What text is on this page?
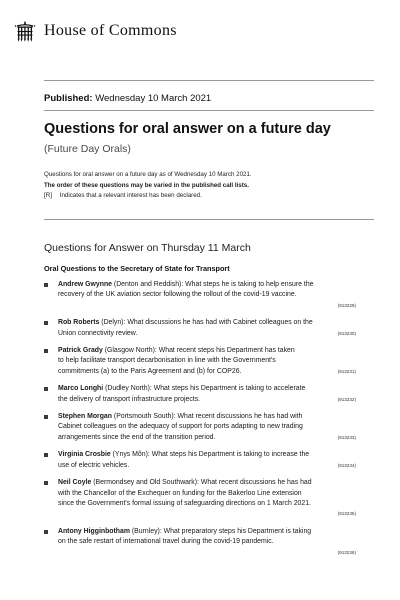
House of Commons
Published: Wednesday 10 March 2021
Questions for oral answer on a future day
(Future Day Orals)
Questions for oral answer on a future day as of Wednesday 10 March 2021.
The order of these questions may be varied in the published call lists.
[R] Indicates that a relevant interest has been declared.
Questions for Answer on Thursday 11 March
Oral Questions to the Secretary of State for Transport
Andrew Gwynne (Denton and Reddish): What steps he is taking to help ensure the
recovery of the UK aviation sector following the rollout of the covid-19 vaccine.
(913229)
Rob Roberts (Delyn): What discussions he has had with Cabinet colleagues on the
Union connectivity review.	(913230)
Patrick Grady (Glasgow North): What recent steps his Department has taken
to help facilitate transport decarbonisation in line with the Government's
commitments (a) to the Paris Agreement and (b) for COP26.	(913231)
Marco Longhi (Dudley North): What steps his Department is taking to accelerate
the delivery of transport infrastructure projects.	(913232)
Stephen Morgan (Portsmouth South): What recent discussions he has had with
Cabinet colleagues on the adequacy of support for ports adapting to new trading
arrangements since the end of the transition period.	(913233)
Virginia Crosbie (Ynys Môn): What steps his Department is taking to increase the
use of electric vehicles.	(913234)
Neil Coyle (Bermondsey and Old Southwark): What recent discussions he has had
with the Chancellor of the Exchequer on funding for the Bakerloo Line extension
since the Government's formal issuing of safeguarding directions on 1 March 2021.
(913235)
Antony Higginbotham (Burnley): What preparatory steps his Department is taking
on the safe restart of international travel during the covid-19 pandemic.
(913236)
